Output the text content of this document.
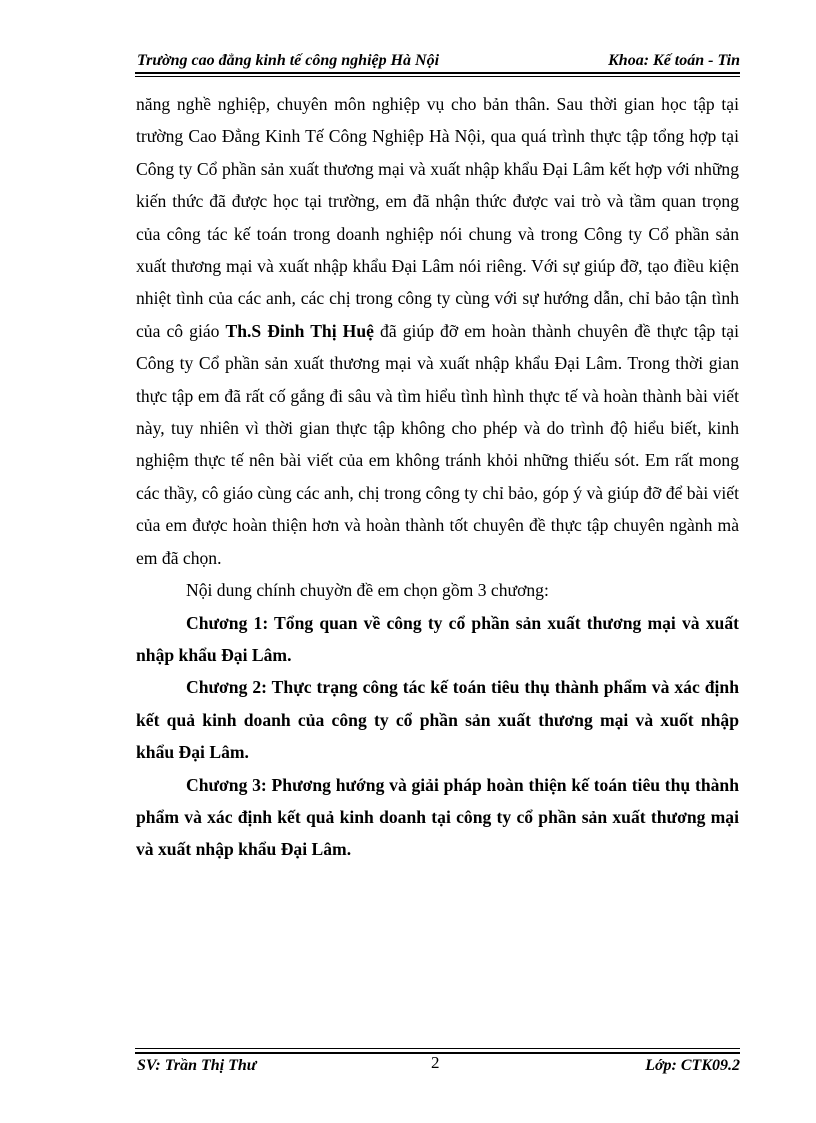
Trường cao đẳng kinh tế công nghiệp Hà Nội	Khoa: Kế toán - Tin

năng nghề nghiệp, chuyên môn nghiệp vụ cho bản thân. Sau thời gian học tập tại trường Cao Đẳng Kinh Tế Công Nghiệp Hà Nội, qua quá trình thực tập tổng hợp tại Công ty Cổ phần sản xuất thương mại và xuất nhập khẩu Đại Lâm kết hợp với những kiến thức đã được học tại trường, em đã nhận thức được vai trò và tầm quan trọng của công tác kế toán trong doanh nghiệp nói chung và trong Công ty Cổ phần sản xuất thương mại và xuất nhập khẩu Đại Lâm nói riêng. Với sự giúp đỡ, tạo điều kiện nhiệt tình của các anh, các chị trong công ty cùng với sự hướng dẫn, chỉ bảo tận tình của cô giáo Th.S Đinh Thị Huệ đã giúp đỡ em hoàn thành chuyên đề thực tập tại Công ty Cổ phần sản xuất thương mại và xuất nhập khẩu Đại Lâm. Trong thời gian thực tập em đã rất cố gắng đi sâu và tìm hiểu tình hình thực tế và hoàn thành bài viết này, tuy nhiên vì thời gian thực tập không cho phép và do trình độ hiểu biết, kinh nghiệm thực tế nên bài viết của em không tránh khỏi những thiếu sót. Em rất mong các thầy, cô giáo cùng các anh, chị trong công ty chỉ bảo, góp ý và giúp đỡ để bài viết của em được hoàn thiện hơn và hoàn thành tốt chuyên đề thực tập chuyên ngành mà em đã chọn.

Nội dung chính chuyờn đề em chọn gồm 3 chương:

Chương 1: Tổng quan về công ty cổ phần sản xuất thương mại và xuất nhập khẩu Đại Lâm.

Chương 2: Thực trạng công tác kế toán tiêu thụ thành phẩm và xác định kết quả kinh doanh của công ty cổ phần sản xuất thương mại và xuốt nhập khẩu Đại Lâm.

Chương 3: Phương hướng và giải pháp hoàn thiện kế toán tiêu thụ thành phẩm và xác định kết quả kinh doanh tại công ty cổ phần sản xuất thương mại và xuất nhập khẩu Đại Lâm.

SV: Trần Thị Thư	2	Lớp: CTK09.2
